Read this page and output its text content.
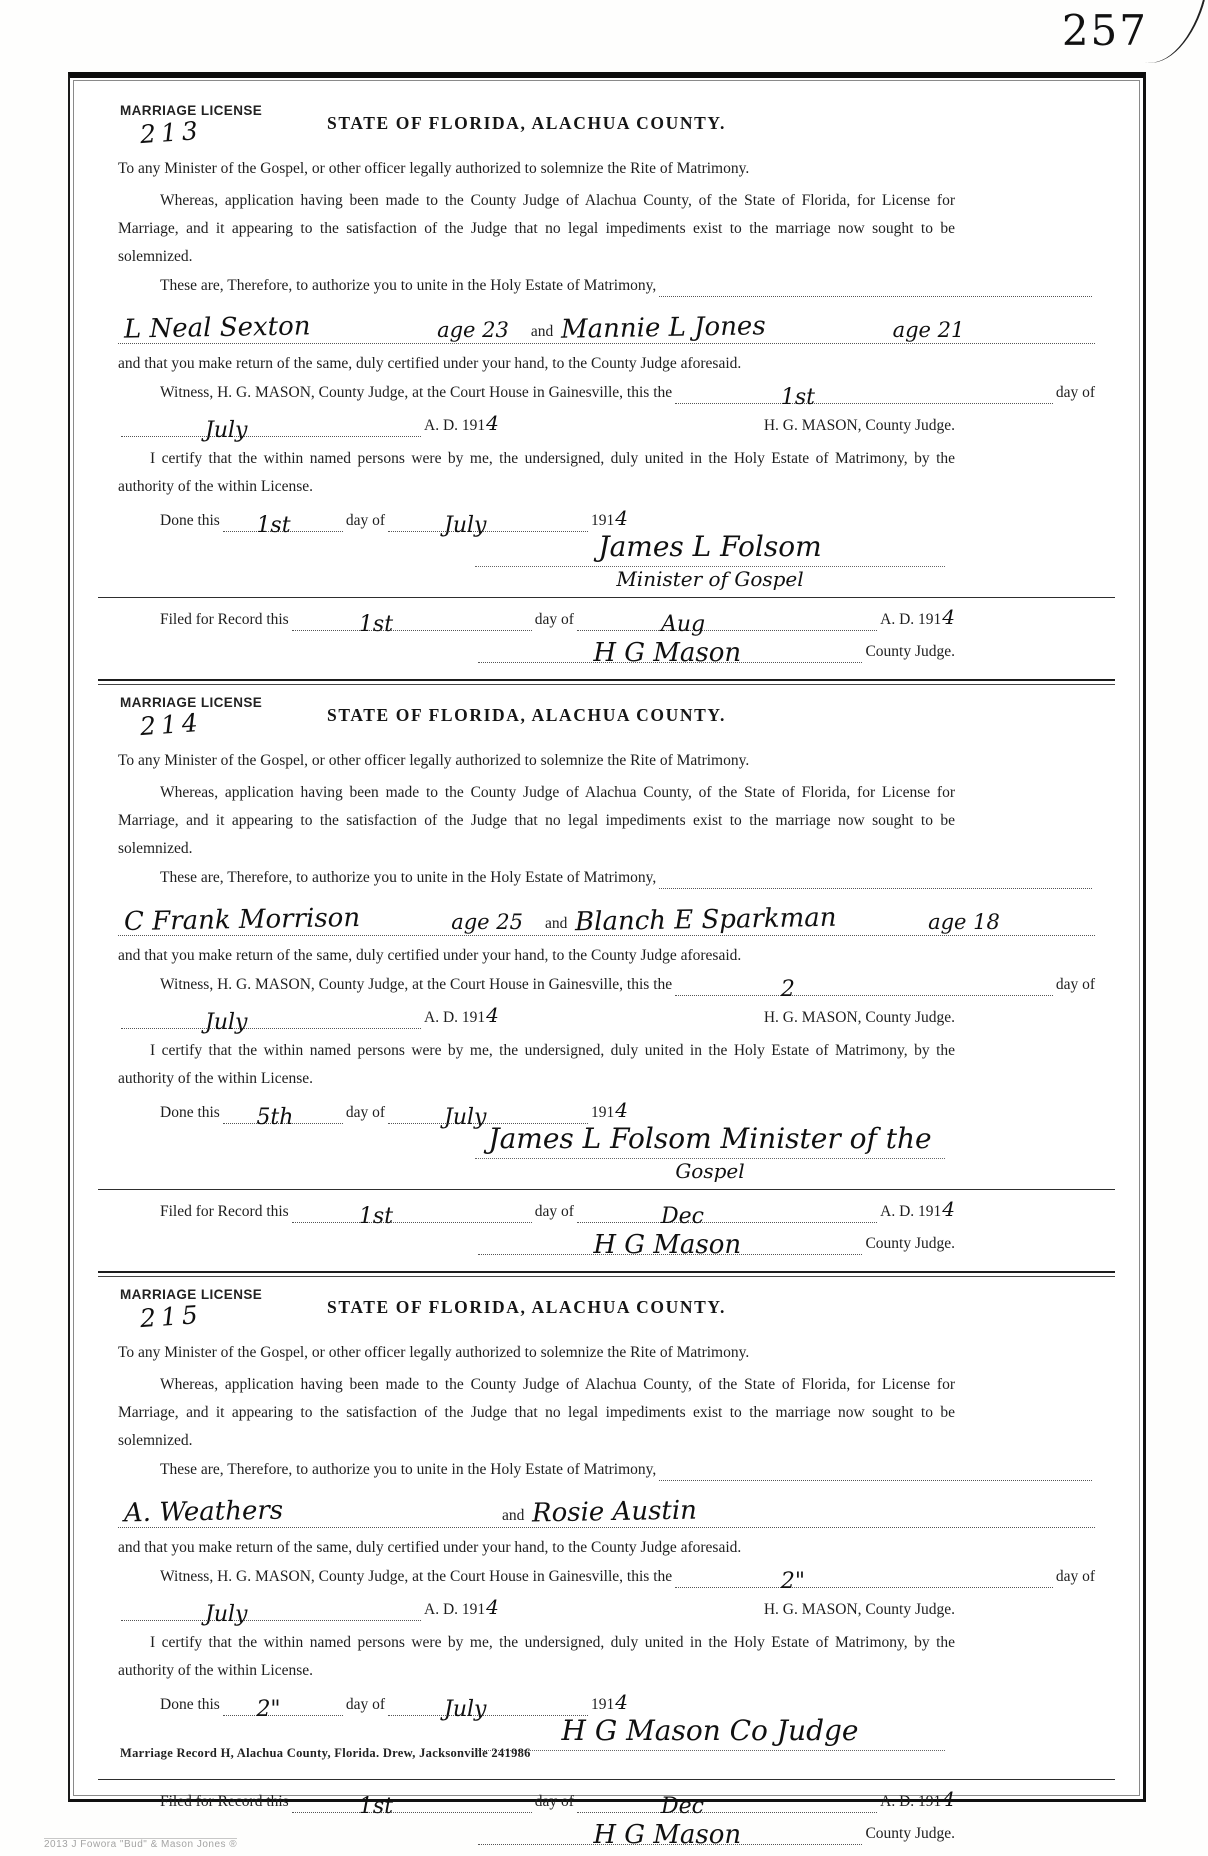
257
MARRIAGE LICENSE
213	STATE OF FLORIDA, ALACHUA COUNTY.

To any Minister of the Gospel, or other officer legally authorized to solemnize the Rite of Matrimony.

Whereas, application having been made to the County Judge of Alachua County, of the State of Florida, for License for Marriage, and it appearing to the satisfaction of the Judge that no legal impediments exist to the marriage now sought to be solemnized.

These are, Therefore, to authorize you to unite in the Holy Estate of Matrimony,
L Neal Sexton	age 23 and Mannie L Jones	age 21

and that you make return of the same, duly certified under your hand, to the County Judge aforesaid.

Witness, H. G. MASON, County Judge, at the Court House in Gainesville, this the	1st	day of
July	A. D. 191 4	H. G. MASON, County Judge.

I certify that the within named persons were by me, the undersigned, duly united in the Holy Estate of Matrimony, by the authority of the within License.

Done this 1st	day of	July	191 4
James L Folsom
Minister of Gospel
Filed for Record this	1st	day of	Aug	A. D. 191 4
H G Mason	County Judge.
MARRIAGE LICENSE
214	STATE OF FLORIDA, ALACHUA COUNTY.

To any Minister of the Gospel, or other officer legally authorized to solemnize the Rite of Matrimony.

Whereas, application having been made to the County Judge of Alachua County, of the State of Florida, for License for Marriage, and it appearing to the satisfaction of the Judge that no legal impediments exist to the marriage now sought to be solemnized.

These are, Therefore, to authorize you to unite in the Holy Estate of Matrimony,
C Frank Morrison	age 25 and Blanch E Sparkman	age 18

and that you make return of the same, duly certified under your hand, to the County Judge aforesaid.

Witness, H. G. MASON, County Judge, at the Court House in Gainesville, this the	2	day of
July	A. D. 191 4	H. G. MASON, County Judge.

I certify that the within named persons were by me, the undersigned, duly united in the Holy Estate of Matrimony, by the authority of the within License.

Done this 5th	day of	July	191 4
James L Folsom Minister of the
Gospel
Filed for Record this	1st	day of	Dec	A. D. 191 4
H G Mason	County Judge.
MARRIAGE LICENSE
215	STATE OF FLORIDA, ALACHUA COUNTY.

To any Minister of the Gospel, or other officer legally authorized to solemnize the Rite of Matrimony.

Whereas, application having been made to the County Judge of Alachua County, of the State of Florida, for License for Marriage, and it appearing to the satisfaction of the Judge that no legal impediments exist to the marriage now sought to be solemnized.

These are, Therefore, to authorize you to unite in the Holy Estate of Matrimony,
A. Weathers	and Rosie Austin

and that you make return of the same, duly certified under your hand, to the County Judge aforesaid.

Witness, H. G. MASON, County Judge, at the Court House in Gainesville, this the	2"	day of
July	A. D. 191 4	H. G. MASON, County Judge.

I certify that the within named persons were by me, the undersigned, duly united in the Holy Estate of Matrimony, by the authority of the within License.

Done this 2"	day of	July	191 4
H G Mason Co Judge
Filed for Record this	1st	day of	Dec	A. D. 191 4
H G Mason	County Judge.
Marriage Record H, Alachua County, Florida. Drew, Jacksonville 241986
2013 J Fowora "Bud" & Mason Jones ®
